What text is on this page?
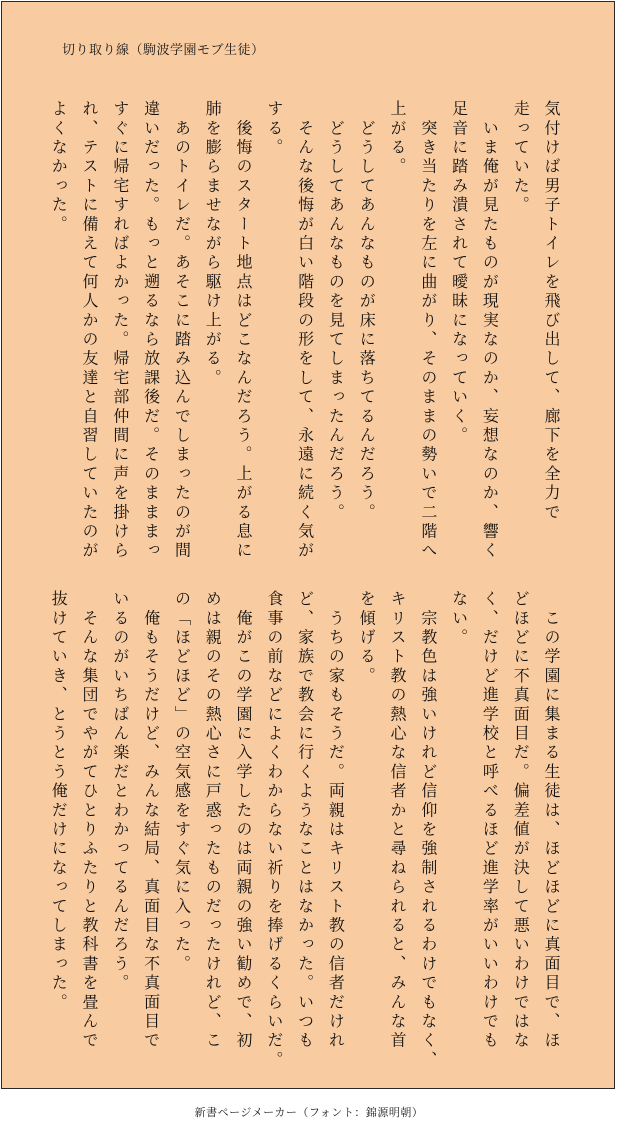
切り取り線（駒波学園モブ生徒）

気付けば男子トイレを飛び出して、廊下を全力で

走っていた。

　いま俺が見たものが現実なのか、妄想なのか、響く

足音に踏み潰されて曖昧になっていく。

　突き当たりを左に曲がり、そのままの勢いで二階へ

上がる。

　どうしてあんなものが床に落ちてるんだろう。

　どうしてあんなものを見てしまったんだろう。

　そんな後悔が白い階段の形をして、永遠に続く気が

する。

　後悔のスタート地点はどこなんだろう。上がる息に

肺を膨らませながら駆け上がる。

　あのトイレだ。あそこに踏み込んでしまったのが間

違いだった。もっと遡るなら放課後だ。そのまままっ

すぐに帰宅すればよかった。帰宅部仲間に声を掛けら

れ、テストに備えて何人かの友達と自習していたのが

よくなかった。

　この学園に集まる生徒は、ほどほどに真面目で、ほ

どほどに不真面目だ。偏差値が決して悪いわけではな

く、だけど進学校と呼べるほど進学率がいいわけでも

ない。

　宗教色は強いけれど信仰を強制されるわけでもなく、

キリスト教の熱心な信者かと尋ねられると、みんな首

を傾げる。

　うちの家もそうだ。両親はキリスト教の信者だけれ

ど、家族で教会に行くようなことはなかった。いつも

食事の前などによくわからない祈りを捧げるくらいだ。

　俺がこの学園に入学したのは両親の強い勧めで、初

めは親のその熱心さに戸惑ったものだったけれど、こ

の「ほどほど」の空気感をすぐ気に入った。

　俺もそうだけど、みんな結局、真面目な不真面目で

いるのがいちばん楽だとわかってるんだろう。

　そんな集団でやがてひとりふたりと教科書を畳んで

抜けていき、とうとう俺だけになってしまった。

新書ページメーカー（フォント：錦源明朝）
